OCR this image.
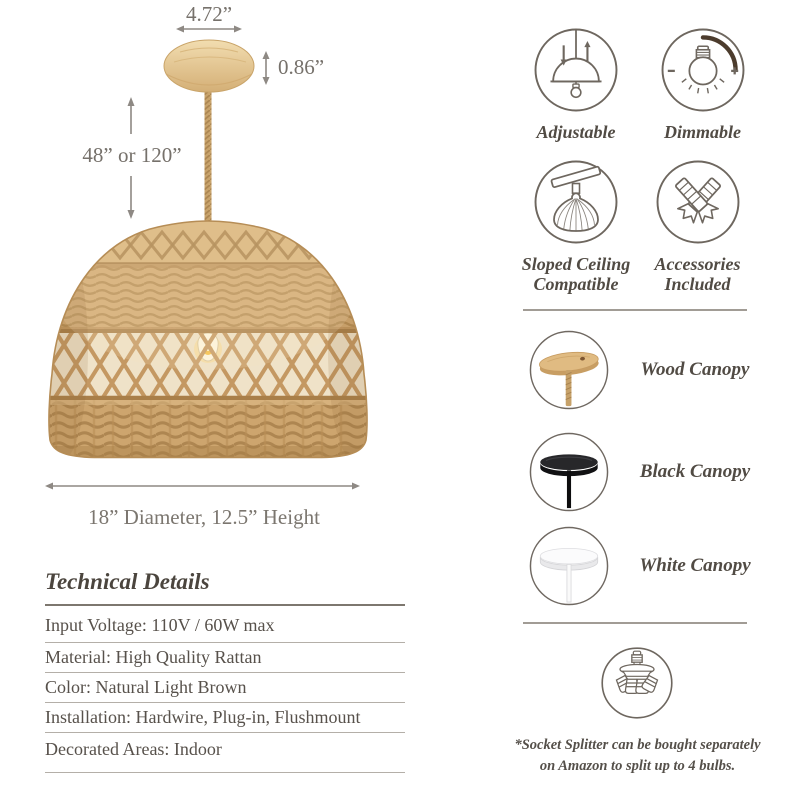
4.72”
0.86”
48” or 120”
18” Diameter, 12.5” Height
Technical Details
Input Voltage: 110V / 60W max
Material: High Quality Rattan
Color: Natural Light Brown
Installation: Hardwire, Plug-in, Flushmount
Decorated Areas: Indoor
Adjustable	Dimmable
Sloped Ceiling
Compatible
Accessories
Included
Wood Canopy
Black Canopy
White Canopy
*Socket Splitter can be bought separately
on Amazon to split up to 4 bulbs.
